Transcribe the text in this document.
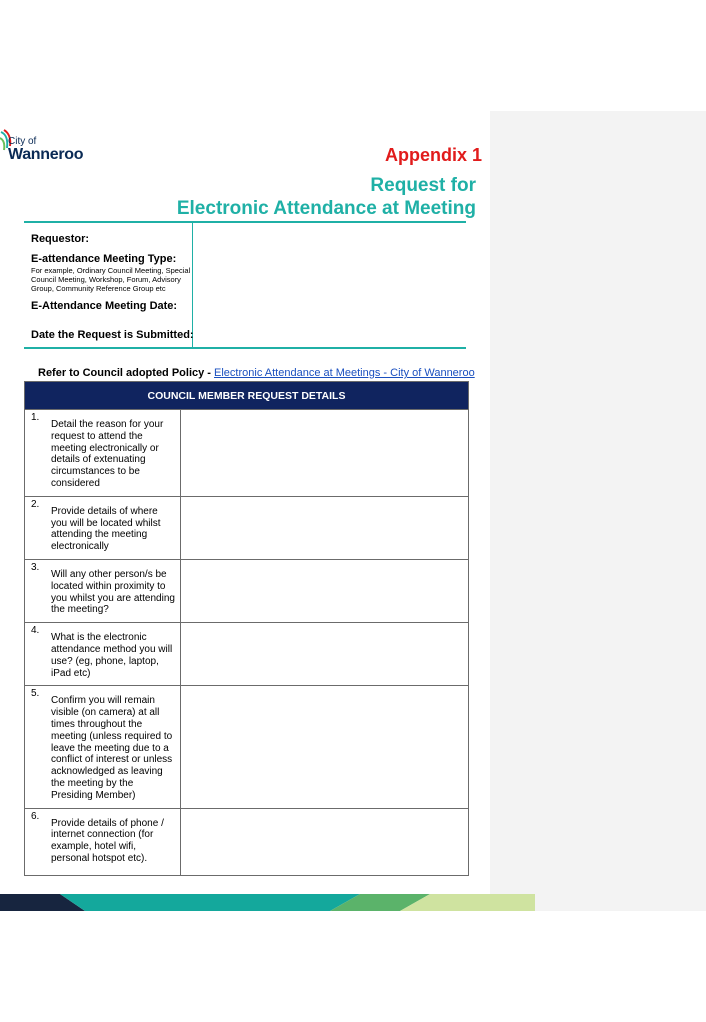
City of
Wanneroo	Appendix 1
Request for
Electronic Attendance at Meeting
Requestor:
E-attendance Meeting Type:
For example, Ordinary Council Meeting, Special Council Meeting, Workshop, Forum, Advisory Group, Community Reference Group etc
E-Attendance Meeting Date:
Date the Request is Submitted:
Refer to Council adopted Policy - Electronic Attendance at Meetings - City of Wanneroo
COUNCIL MEMBER REQUEST DETAILS	

1.
Detail the reason for your request to attend the meeting electronically or details of extenuating circumstances to be considered	

2.
Provide details of where you will be located whilst attending the meeting electronically	

3.
Will any other person/s be located within proximity to you whilst you are attending the meeting?	

4.
What is the electronic attendance method you will use? (eg, phone, laptop, iPad etc)	

5.
Confirm you will remain visible (on camera) at all times throughout the meeting (unless required to leave the meeting due to a conflict of interest or unless acknowledged as leaving the meeting by the Presiding Member)	

6.
Provide details of phone / internet connection (for example, hotel wifi, personal hotspot etc).	
